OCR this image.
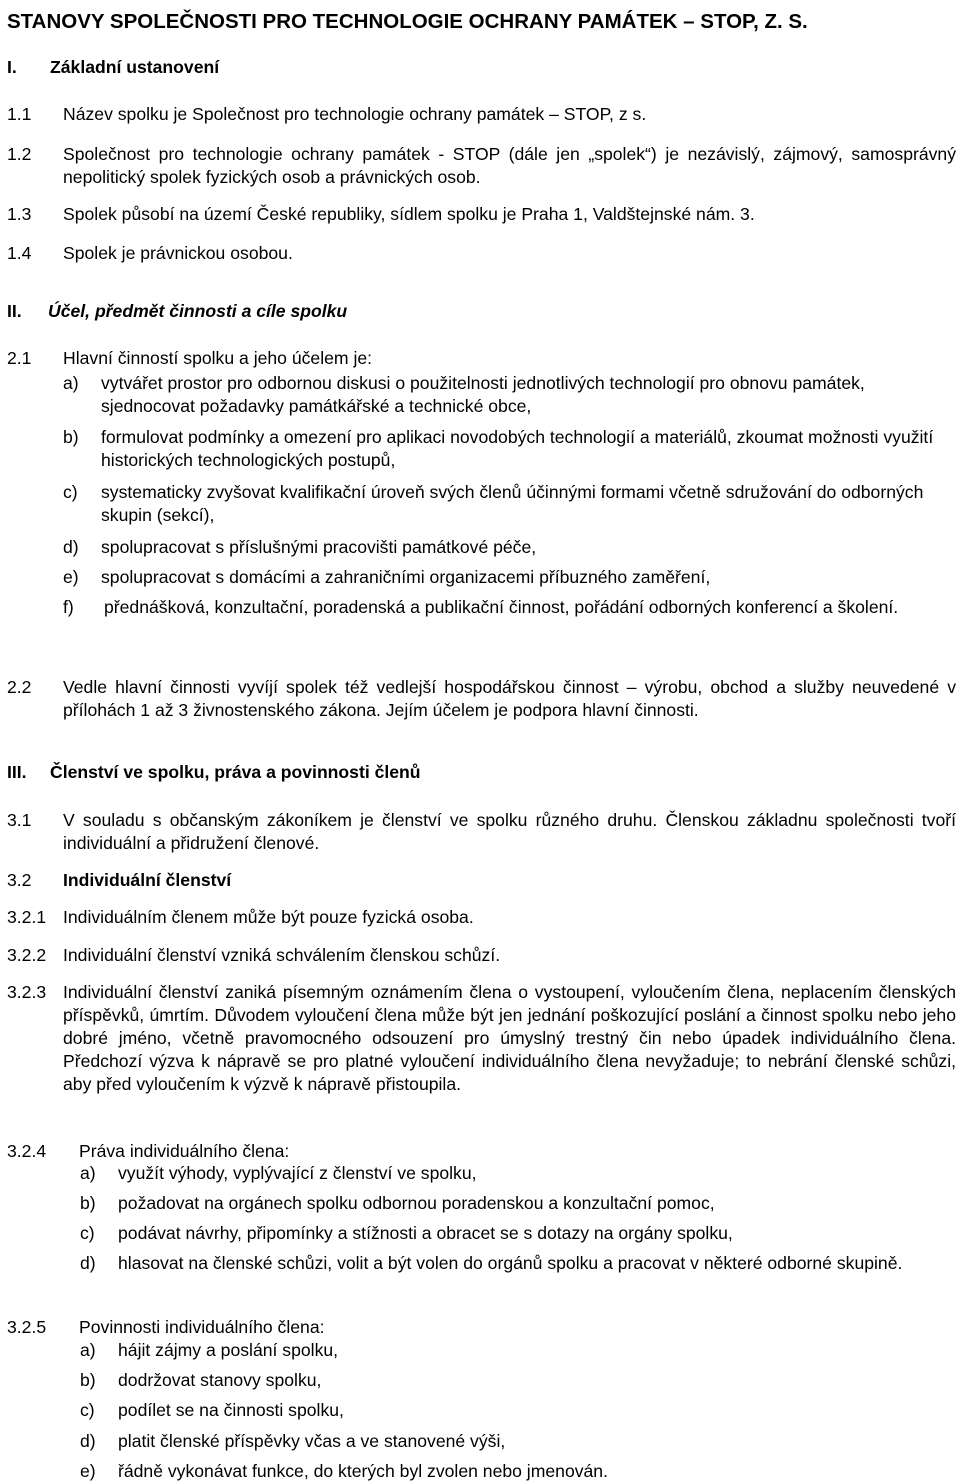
STANOVY SPOLEČNOSTI PRO TECHNOLOGIE OCHRANY PAMÁTEK – STOP, Z. S.
I.	Základní ustanovení
1.1	Název spolku je Společnost pro technologie ochrany památek – STOP, z s.
1.2	Společnost pro technologie ochrany památek - STOP (dále jen „spolek“) je nezávislý, zájmový, samosprávný nepolitický spolek fyzických osob a právnických osob.
1.3	Spolek působí na území České republiky, sídlem spolku je Praha 1, Valdštejnské nám. 3.
1.4	Spolek je právnickou osobou.
II.	Účel, předmět činnosti a cíle spolku
2.1	Hlavní činností spolku a jeho účelem je:
a)	vytvářet prostor pro odbornou diskusi o použitelnosti jednotlivých technologií pro obnovu památek, sjednocovat požadavky památkářské a technické obce,
b)	formulovat podmínky a omezení pro aplikaci novodobých technologií a materiálů, zkoumat možnosti využití historických technologických postupů,
c)	systematicky zvyšovat kvalifikační úroveň svých členů účinnými formami včetně sdružování do odborných skupin (sekcí),
d)	spolupracovat s příslušnými pracovišti památkové péče,
e)	spolupracovat s domácími a zahraničními organizacemi příbuzného zaměření,
f)	přednášková, konzultační, poradenská a publikační činnost, pořádání odborných konferencí a školení.
2.2	Vedle hlavní činnosti vyvíjí spolek též vedlejší hospodářskou činnost – výrobu, obchod a služby neuvedené v přílohách 1 až 3 živnostenského zákona. Jejím účelem je podpora hlavní činnosti.
III.	Členství ve spolku, práva a povinnosti členů
3.1	V souladu s občanským zákoníkem je členství ve spolku různého druhu. Členskou základnu společnosti tvoří individuální a přidružení členové.
3.2	Individuální členství
3.2.1 Individuálním členem může být pouze fyzická osoba.
3.2.2 Individuální členství vzniká schválením členskou schůzí.
3.2.3 Individuální členství zaniká písemným oznámením člena o vystoupení, vyloučením člena, neplacením členských příspěvků, úmrtím. Důvodem vyloučení člena může být jen jednání poškozující poslání a činnost spolku nebo jeho dobré jméno, včetně pravomocného odsouzení pro úmyslný trestný čin nebo úpadek individuálního člena. Předchozí výzva k nápravě se pro platné vyloučení individuálního člena nevyžaduje; to nebrání členské schůzi, aby před vyloučením k výzvě k nápravě přistoupila.
3.2.4	Práva individuálního člena:
a)	využít výhody, vyplývající z členství ve spolku,
b)	požadovat na orgánech spolku odbornou poradenskou a konzultační pomoc,
c)	podávat návrhy, připomínky a stížnosti a obracet se s dotazy na orgány spolku,
d)	hlasovat na členské schůzi, volit a být volen do orgánů spolku a pracovat v některé odborné skupině.
3.2.5	Povinnosti individuálního člena:
a)	hájit zájmy a poslání spolku,
b)	dodržovat stanovy spolku,
c)	podílet se na činnosti spolku,
d)	platit členské příspěvky včas a ve stanovené výši,
e)	řádně vykonávat funkce, do kterých byl zvolen nebo jmenován.
